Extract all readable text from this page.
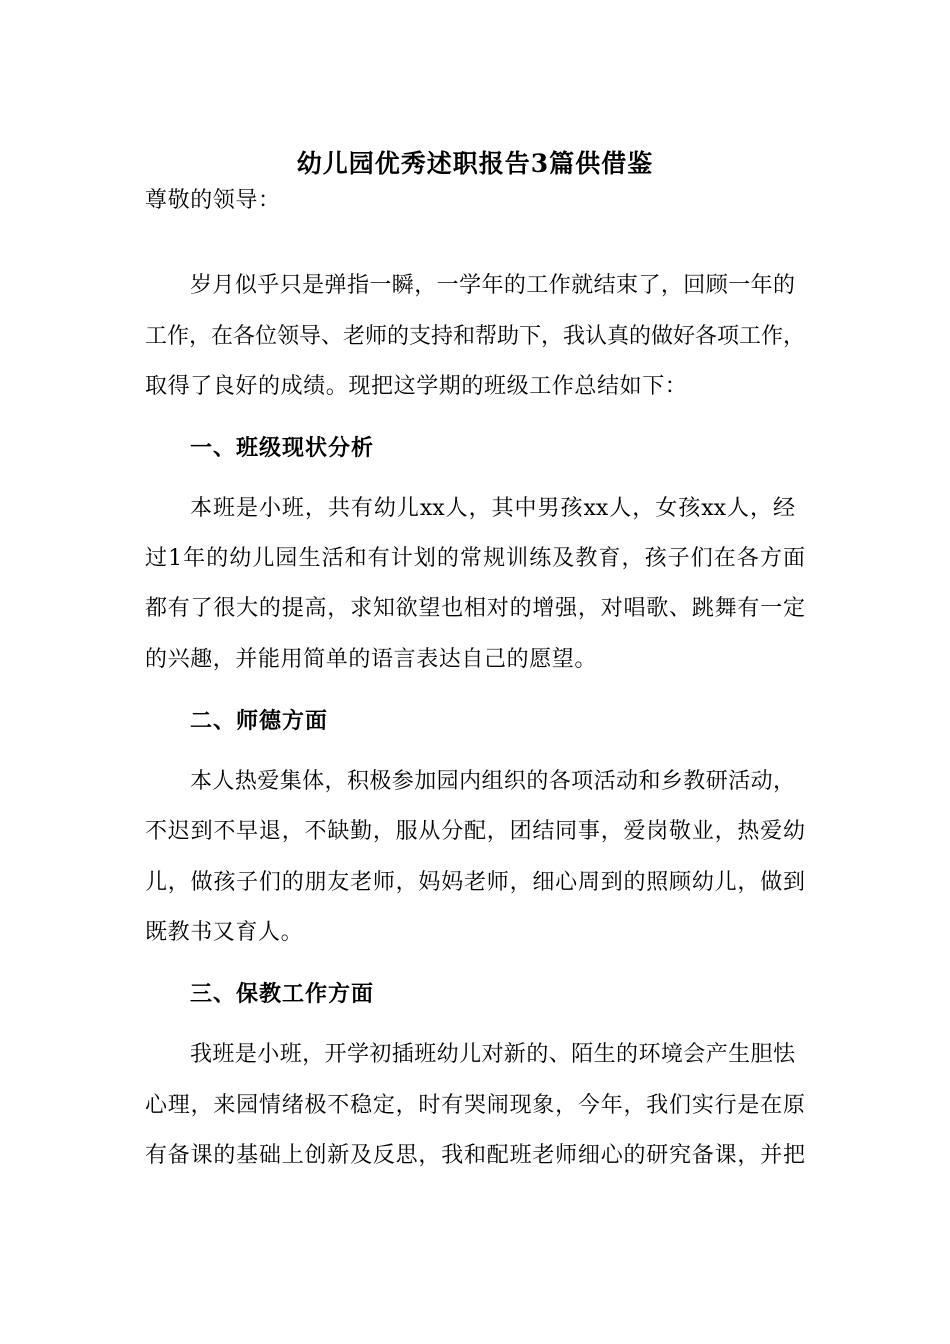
幼儿园优秀述职报告3篇供借鉴
尊敬的领导：
岁月似乎只是弹指一瞬，一学年的工作就结束了，回顾一年的
工作，在各位领导、老师的支持和帮助下，我认真的做好各项工作，
取得了良好的成绩。现把这学期的班级工作总结如下：
一、班级现状分析
本班是小班，共有幼儿xx人，其中男孩xx人，女孩xx人，经
过1年的幼儿园生活和有计划的常规训练及教育，孩子们在各方面
都有了很大的提高，求知欲望也相对的增强，对唱歌、跳舞有一定
的兴趣，并能用简单的语言表达自己的愿望。
二、师德方面
本人热爱集体，积极参加园内组织的各项活动和乡教研活动，
不迟到不早退，不缺勤，服从分配，团结同事，爱岗敬业，热爱幼
儿，做孩子们的朋友老师，妈妈老师，细心周到的照顾幼儿，做到
既教书又育人。
三、保教工作方面
我班是小班，开学初插班幼儿对新的、陌生的环境会产生胆怯
心理，来园情绪极不稳定，时有哭闹现象，今年，我们实行是在原
有备课的基础上创新及反思，我和配班老师细心的研究备课，并把
